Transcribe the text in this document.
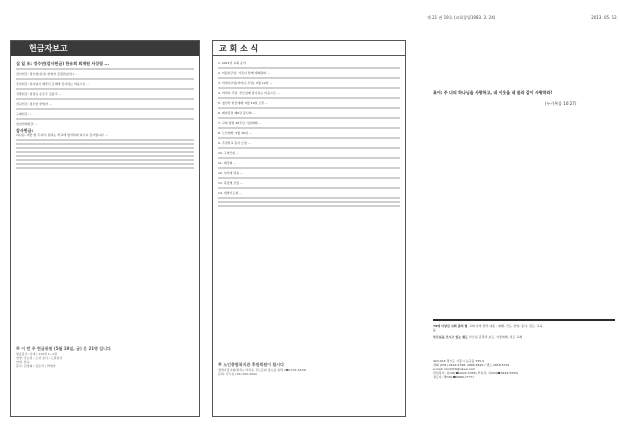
헌금자보고
십 일 조: 정수연(감사헌금) 한유희 퇴계원 서상림 ...
감사헌금: 정수연(감사) 한영자 김정연(감사) ...
주일헌금: 하나님이 베푸신 은혜에 감사하는 마음으로 ...
건축헌금: 권정숙 손은주 김남주 ...
선교헌금: 정수연 한영자 ...
구제헌금: ...
일천번제헌금: ...
감사헌금:
하나님, 예쁜 딸 주셔서, 원하는 학교에 합격하게 하시니 감사합니다 ...
※ 이 번 주 헌금위원 (5월 19일, 금) 은 21명 입니다
방송봉사: 이대 / 112번 1~1명
찬양: 강순정 / 도연 봉사 / 도란봉사
안내: 한숙
봉사: 김정희 / 김조자 / 박영자
교 회 소 식
1. 2013년 교회 표어
2. 어린이주일: 가족이 함께 예배하며 ...
3. 어버이주일(어머니 주일): 5월 12일 ...
4. 어버이 주일: 부모님께 감사하는 마음으로 ...
5. 청년부 헌신예배: 5월 19일 오후 ...
6. 제자훈련 제6강 봉사와 ...
7. 교회 창립 30주년 기념예배 ...
8. 노인대학: 5월 16일 ...
9. 주일학교 봉사 모임 ...
10. 구역모임 ...
11. 제직회 ...
12. 성가대 연습 ...
13. 목장별 모임 ...
14. 새벽기도회 ...
※ 노인종합복지관 후원회원이 됩시다
생명사랑교회(발목), 어려운 성도들의 필요를 위해 (☎1234-5678)
문의: 사무실 (02) 000-0000
제 21 권 19호 (교회창립1983. 2. 24)	2013. 05. 12.
표어: 주 너의 하나님을 사랑하고, 네 이웃을 네 몸과 같이 사랑하라!
(누가복음 10:27)
78에 이상진 교회 출처 형도
교회 사역 관련 내용 - 예배, 기도, 찬양, 봉사, 전도, 교육
부모님을 모시고 있는 형도 부모님 공경과 효도, 가정예배, 성도 교제
423-016 경기도 시흥시 능곡동 755-5
전화 (031) 2619-5798, 2686-5620 / 팩스 2618-5791
e-mail: kmdd70@naver.com
담임목사: 김OO(☎2222-3333) 부목사: 이OO(☎4444-5555)
전도사: 박OO(☎6666-7777)
